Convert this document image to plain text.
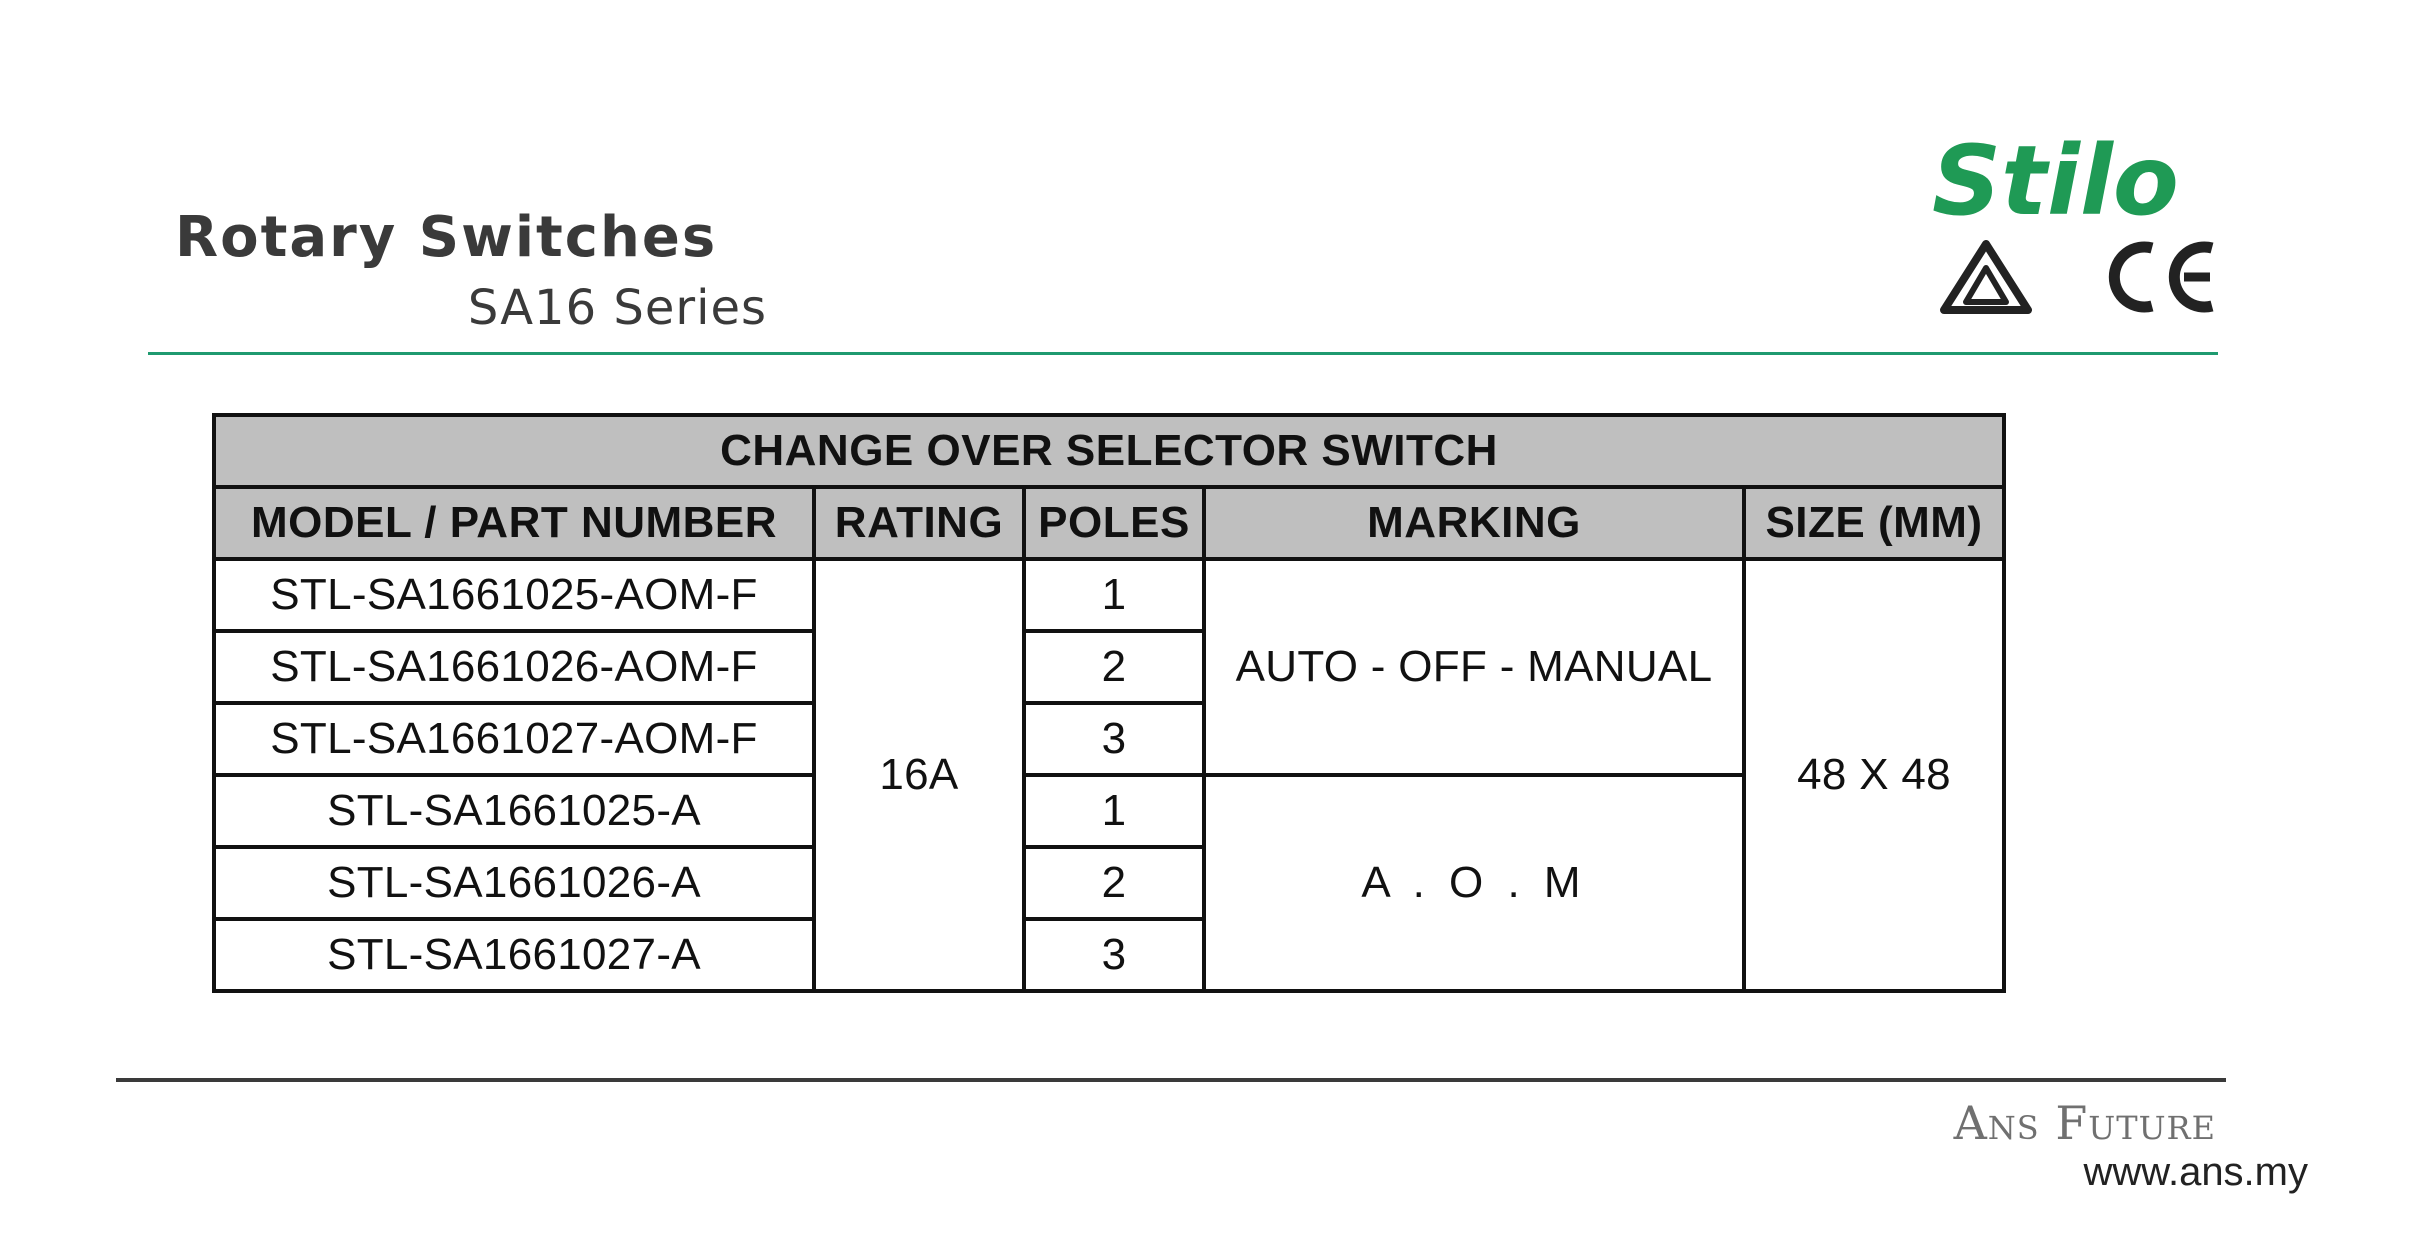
Rotary Switches
SA16 Series
Stilo
CHANGE OVER SELECTOR SWITCH				
MODEL / PART NUMBER	RATING	POLES	MARKING	SIZE (MM)
STL-SA1661025-AOM-F	16A	1	AUTO - OFF - MANUAL	48 X 48
STL-SA1661026-AOM-F		2		
STL-SA1661027-AOM-F		3		
STL-SA1661025-A		1	A . O . M	
STL-SA1661026-A		2		
STL-SA1661027-A		3		
Ans Future
www.ans.my
